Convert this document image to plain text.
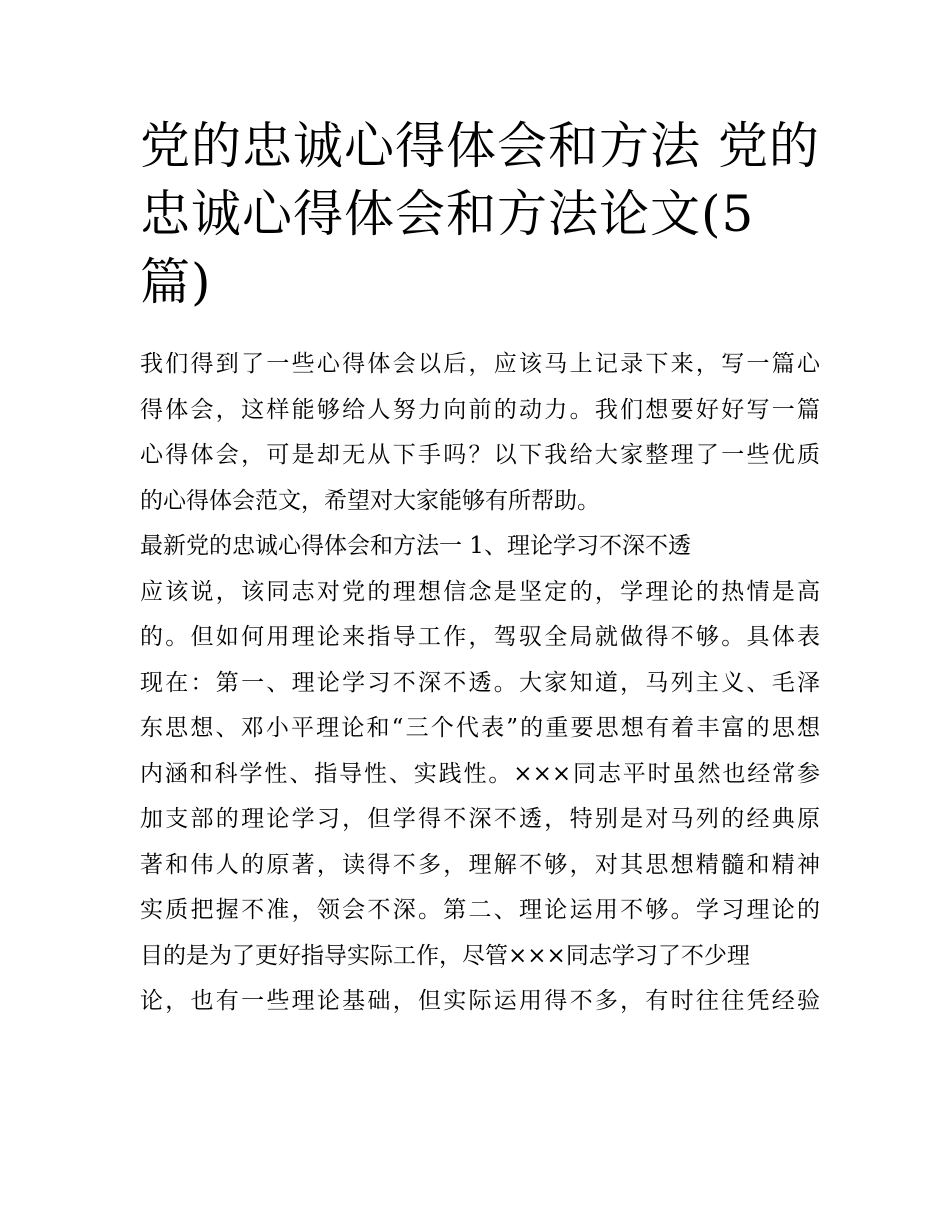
党的忠诚心得体会和方法 党的
忠诚心得体会和方法论文(5
篇)
我们得到了一些心得体会以后，应该马上记录下来，写一篇心
得体会，这样能够给人努力向前的动力。我们想要好好写一篇
心得体会，可是却无从下手吗？以下我给大家整理了一些优质
的心得体会范文，希望对大家能够有所帮助。
最新党的忠诚心得体会和方法一 1、理论学习不深不透
应该说，该同志对党的理想信念是坚定的，学理论的热情是高
的。但如何用理论来指导工作，驾驭全局就做得不够。具体表
现在：第一、理论学习不深不透。大家知道，马列主义、毛泽
东思想、邓小平理论和“三个代表”的重要思想有着丰富的思想
内涵和科学性、指导性、实践性。×××同志平时虽然也经常参
加支部的理论学习，但学得不深不透，特别是对马列的经典原
著和伟人的原著，读得不多，理解不够，对其思想精髓和精神
实质把握不准，领会不深。第二、理论运用不够。学习理论的
目的是为了更好指导实际工作，尽管×××同志学习了不少理
论，也有一些理论基础，但实际运用得不多，有时往往凭经验
